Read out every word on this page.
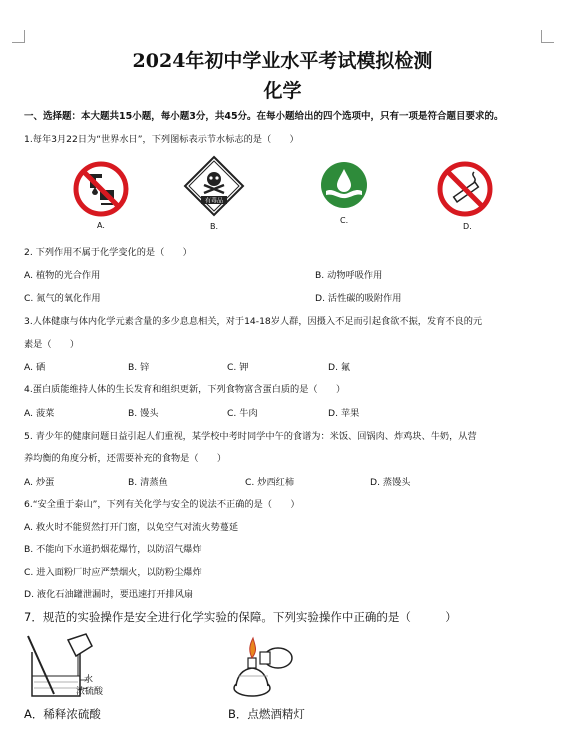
2024年初中学业水平考试模拟检测
化学
一、选择题：本大题共15小题，每小题3分，共45分。在每小题给出的四个选项中，只有一项是符合题目要求的。
1.每年3月22日为“世界水日”，下列图标表示节水标志的是（　　）
A.
有毒品
B.
C.
D.
2. 下列作用不属于化学变化的是（　　）
A. 植物的光合作用	B. 动物呼吸作用
C. 氮气的氧化作用	D. 活性碳的吸附作用
3.人体健康与体内化学元素含量的多少息息相关，对于14-18岁人群，因摄入不足而引起食欲不振，发育不良的元
素是（　　）
A. 硒	B. 锌	C. 钾	D. 氟
4.蛋白质能维持人体的生长发育和组织更新，下列食物富含蛋白质的是（　　）
A. 菠菜	B. 馒头	C. 牛肉	D. 苹果
5. 青少年的健康问题日益引起人们重视，某学校中考时同学中午的食谱为：米饭、回锅肉、炸鸡块、牛奶，从营
养均衡的角度分析，还需要补充的食物是（　　）
A. 炒蛋	B. 清蒸鱼	C. 炒西红柿	D. 蒸馒头
6.“安全重于泰山”，下列有关化学与安全的说法不正确的是（　　）
A. 救火时不能贸然打开门窗，以免空气对流火势蔓延
B. 不能向下水道扔烟花爆竹，以防沼气爆炸
C. 进入面粉厂时应严禁烟火，以防粉尘爆炸
D. 液化石油罐泄漏时，要迅速打开排风扇
7．规范的实验操作是安全进行化学实验的保障。下列实验操作中正确的是（　　　）
水
浓硫酸
A．稀释浓硫酸	B．点燃酒精灯
